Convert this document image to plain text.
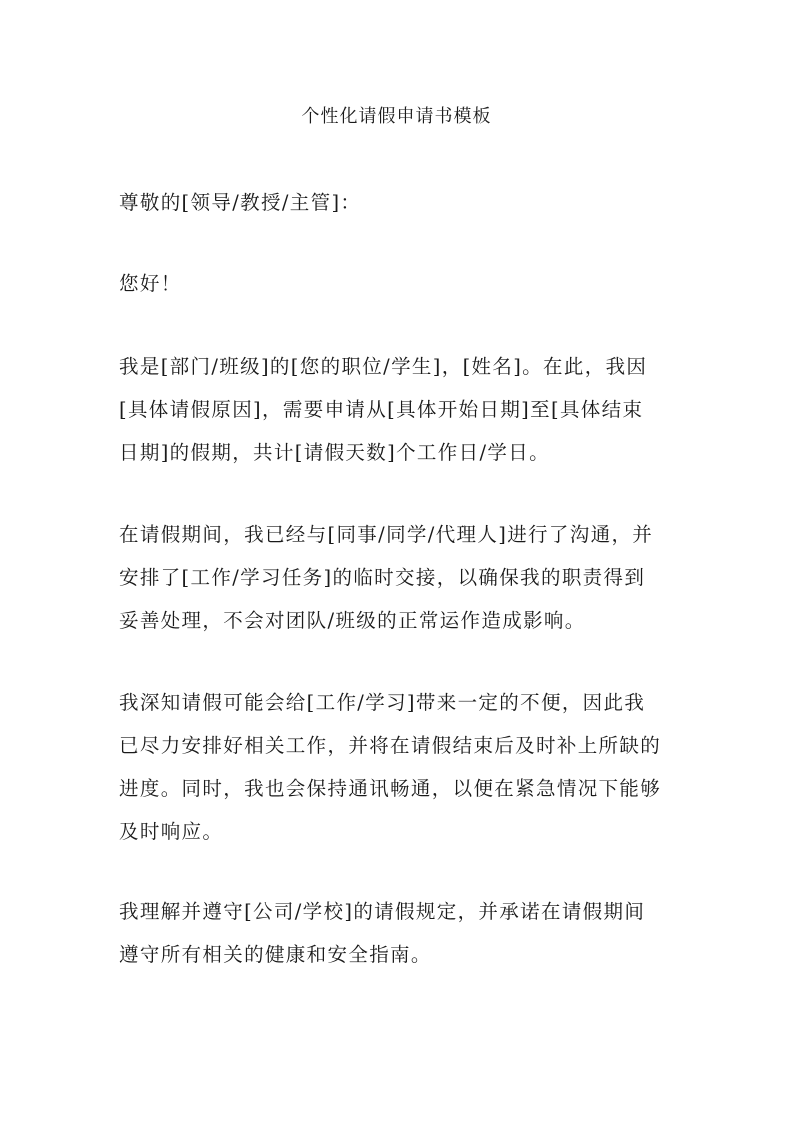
个性化请假申请书模板
尊敬的[领导/教授/主管]：
您好！
我是[部门/班级]的[您的职位/学生]，[姓名]。在此，我因
[具体请假原因]，需要申请从[具体开始日期]至[具体结束
日期]的假期，共计[请假天数]个工作日/学日。
在请假期间，我已经与[同事/同学/代理人]进行了沟通，并
安排了[工作/学习任务]的临时交接，以确保我的职责得到
妥善处理，不会对团队/班级的正常运作造成影响。
我深知请假可能会给[工作/学习]带来一定的不便，因此我
已尽力安排好相关工作，并将在请假结束后及时补上所缺的
进度。同时，我也会保持通讯畅通，以便在紧急情况下能够
及时响应。
我理解并遵守[公司/学校]的请假规定，并承诺在请假期间
遵守所有相关的健康和安全指南。
